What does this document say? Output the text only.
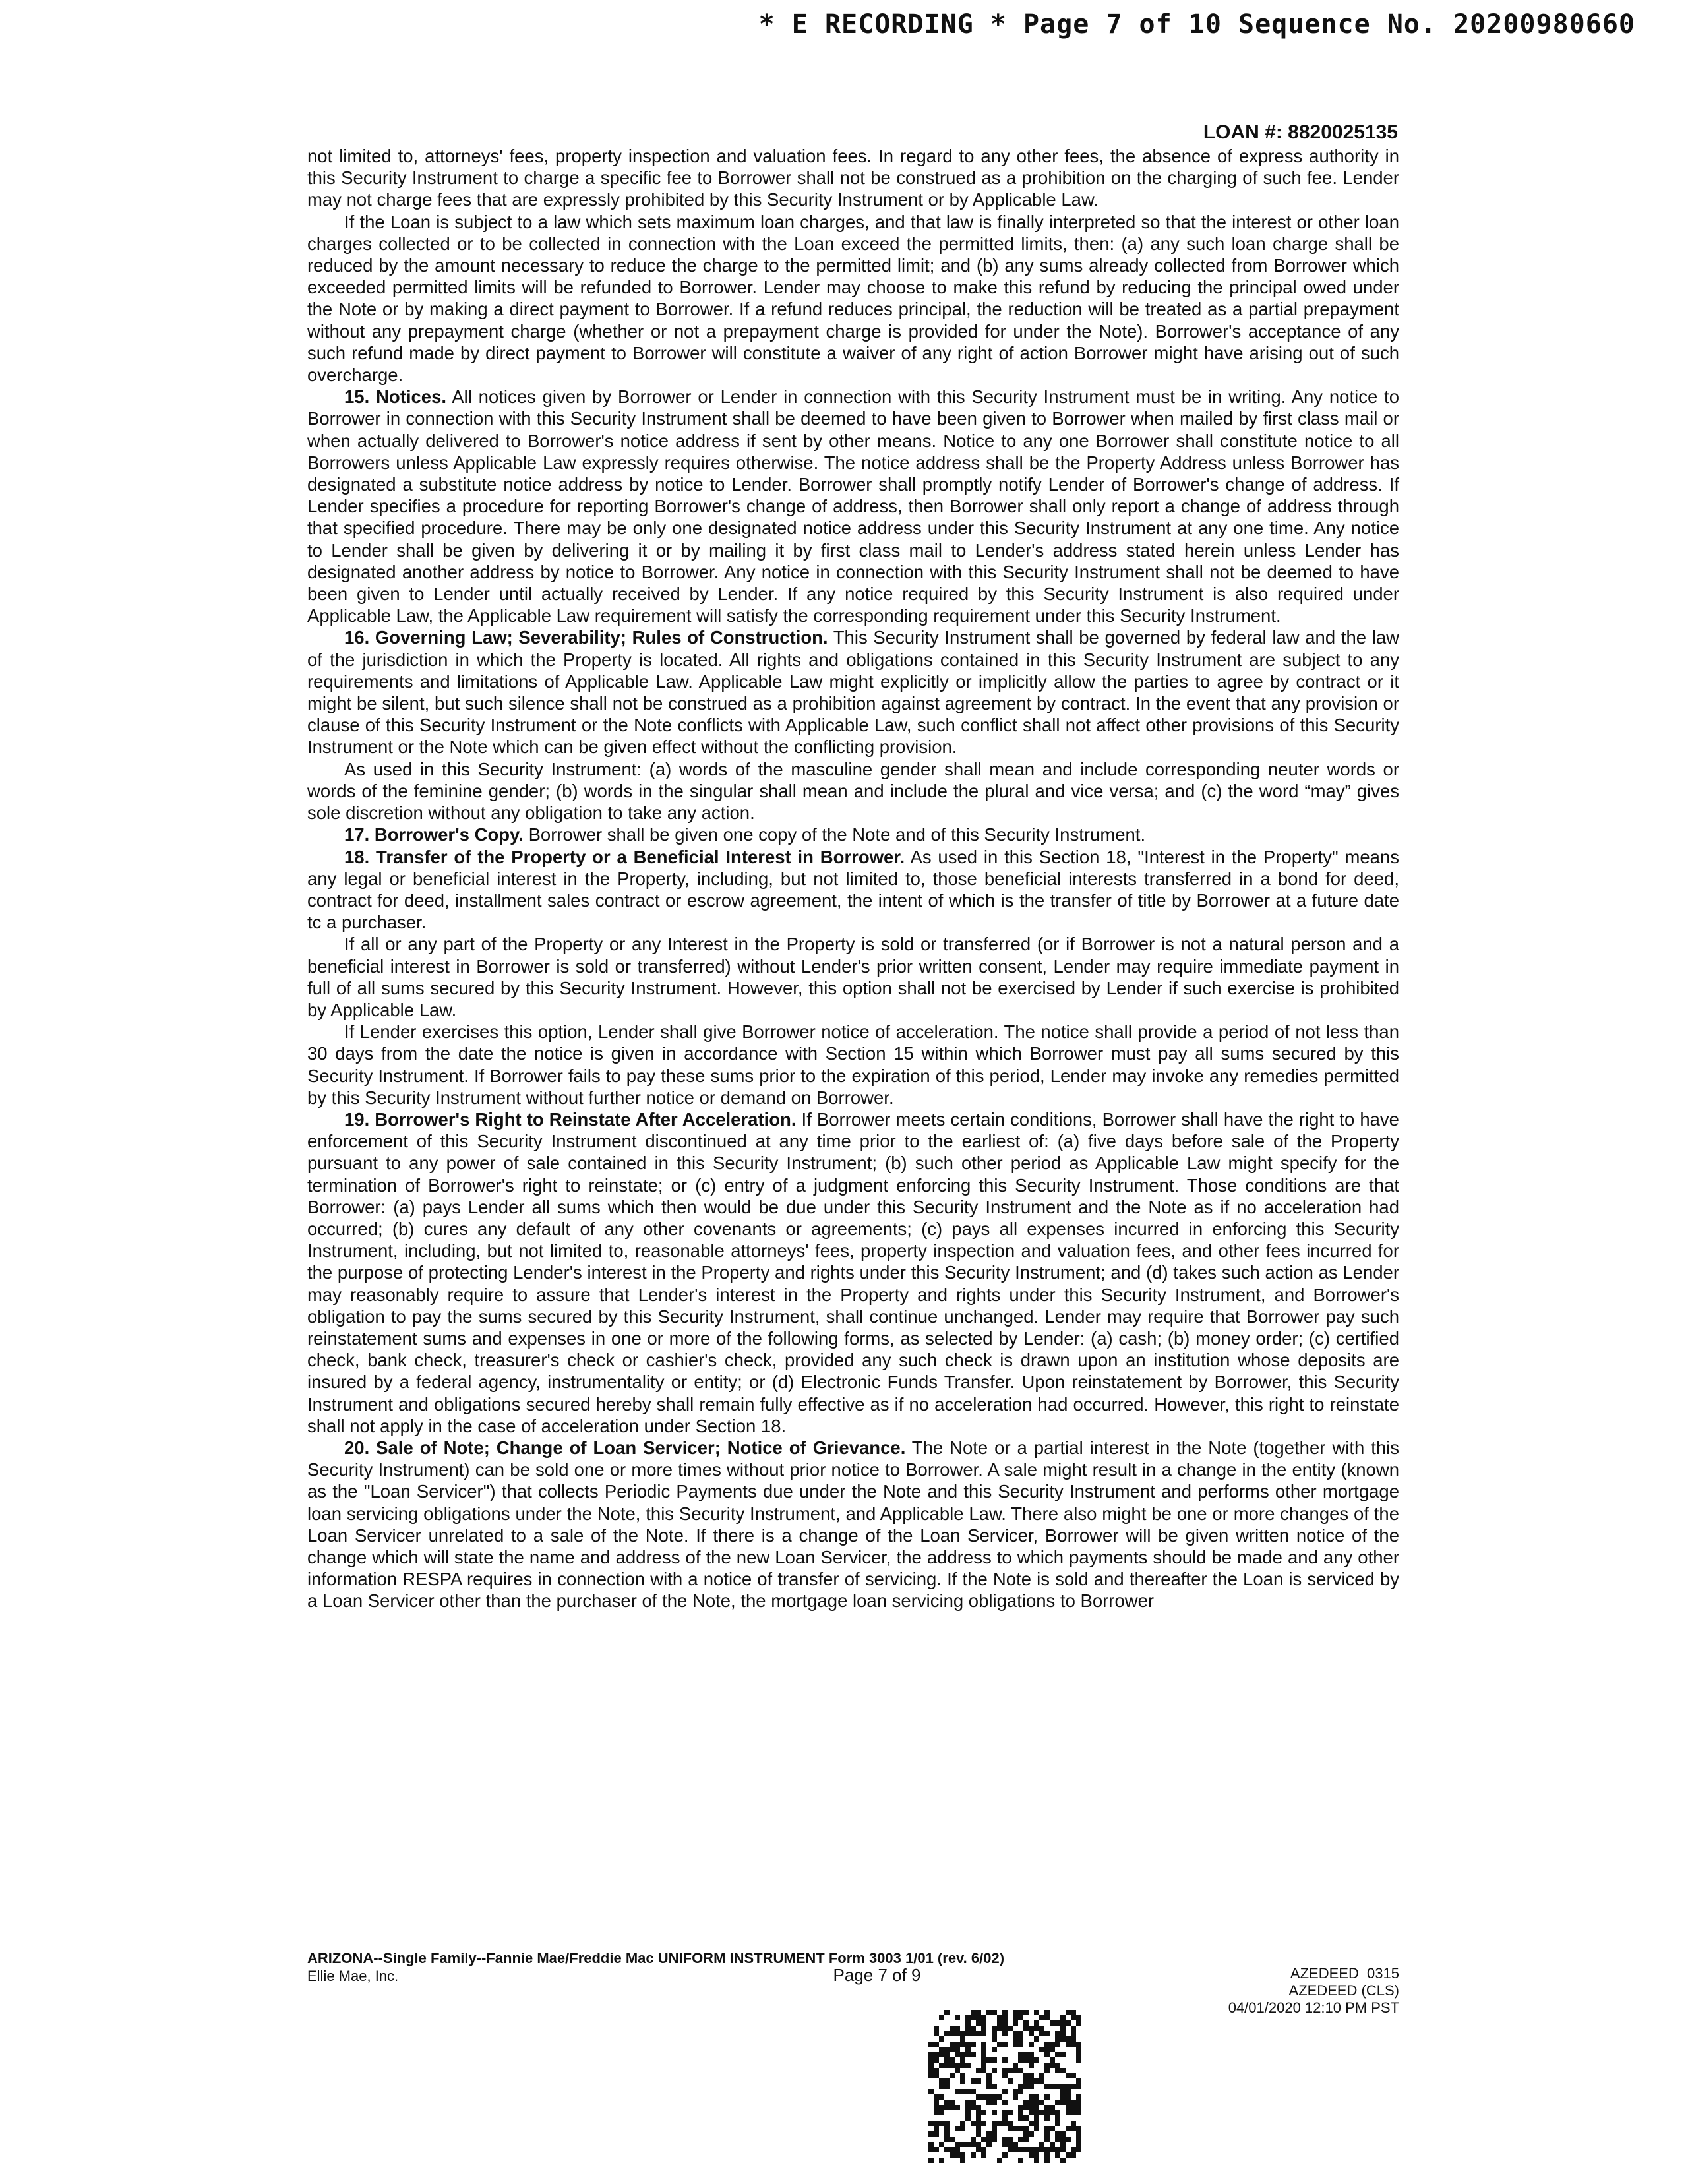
* E RECORDING * Page 7 of 10 Sequence No. 20200980660
LOAN #: 8820025135

not limited to, attorneys' fees, property inspection and valuation fees. In regard to any other fees, the absence of express authority in this Security Instrument to charge a specific fee to Borrower shall not be construed as a prohibition on the charging of such fee. Lender may not charge fees that are expressly prohibited by this Security Instrument or by Applicable Law.

If the Loan is subject to a law which sets maximum loan charges, and that law is finally interpreted so that the interest or other loan charges collected or to be collected in connection with the Loan exceed the permitted limits, then: (a) any such loan charge shall be reduced by the amount necessary to reduce the charge to the permitted limit; and (b) any sums already collected from Borrower which exceeded permitted limits will be refunded to Borrower. Lender may choose to make this refund by reducing the principal owed under the Note or by making a direct payment to Borrower. If a refund reduces principal, the reduction will be treated as a partial prepayment without any prepayment charge (whether or not a prepayment charge is provided for under the Note). Borrower's acceptance of any such refund made by direct payment to Borrower will constitute a waiver of any right of action Borrower might have arising out of such overcharge.

15. Notices. All notices given by Borrower or Lender in connection with this Security Instrument must be in writing. Any notice to Borrower in connection with this Security Instrument shall be deemed to have been given to Borrower when mailed by first class mail or when actually delivered to Borrower's notice address if sent by other means. Notice to any one Borrower shall constitute notice to all Borrowers unless Applicable Law expressly requires otherwise. The notice address shall be the Property Address unless Borrower has designated a substitute notice address by notice to Lender. Borrower shall promptly notify Lender of Borrower's change of address. If Lender specifies a procedure for reporting Borrower's change of address, then Borrower shall only report a change of address through that specified procedure. There may be only one designated notice address under this Security Instrument at any one time. Any notice to Lender shall be given by delivering it or by mailing it by first class mail to Lender's address stated herein unless Lender has designated another address by notice to Borrower. Any notice in connection with this Security Instrument shall not be deemed to have been given to Lender until actually received by Lender. If any notice required by this Security Instrument is also required under Applicable Law, the Applicable Law requirement will satisfy the corresponding requirement under this Security Instrument.

16. Governing Law; Severability; Rules of Construction. This Security Instrument shall be governed by federal law and the law of the jurisdiction in which the Property is located. All rights and obligations contained in this Security Instrument are subject to any requirements and limitations of Applicable Law. Applicable Law might explicitly or implicitly allow the parties to agree by contract or it might be silent, but such silence shall not be construed as a prohibition against agreement by contract. In the event that any provision or clause of this Security Instrument or the Note conflicts with Applicable Law, such conflict shall not affect other provisions of this Security Instrument or the Note which can be given effect without the conflicting provision.

As used in this Security Instrument: (a) words of the masculine gender shall mean and include corresponding neuter words or words of the feminine gender; (b) words in the singular shall mean and include the plural and vice versa; and (c) the word “may” gives sole discretion without any obligation to take any action.

17. Borrower's Copy. Borrower shall be given one copy of the Note and of this Security Instrument.

18. Transfer of the Property or a Beneficial Interest in Borrower. As used in this Section 18, "Interest in the Property" means any legal or beneficial interest in the Property, including, but not limited to, those beneficial interests transferred in a bond for deed, contract for deed, installment sales contract or escrow agreement, the intent of which is the transfer of title by Borrower at a future date tc a purchaser.

If all or any part of the Property or any Interest in the Property is sold or transferred (or if Borrower is not a natural person and a beneficial interest in Borrower is sold or transferred) without Lender's prior written consent, Lender may require immediate payment in full of all sums secured by this Security Instrument. However, this option shall not be exercised by Lender if such exercise is prohibited by Applicable Law.

If Lender exercises this option, Lender shall give Borrower notice of acceleration. The notice shall provide a period of not less than 30 days from the date the notice is given in accordance with Section 15 within which Borrower must pay all sums secured by this Security Instrument. If Borrower fails to pay these sums prior to the expiration of this period, Lender may invoke any remedies permitted by this Security Instrument without further notice or demand on Borrower.

19. Borrower's Right to Reinstate After Acceleration. If Borrower meets certain conditions, Borrower shall have the right to have enforcement of this Security Instrument discontinued at any time prior to the earliest of: (a) five days before sale of the Property pursuant to any power of sale contained in this Security Instrument; (b) such other period as Applicable Law might specify for the termination of Borrower's right to reinstate; or (c) entry of a judgment enforcing this Security Instrument. Those conditions are that Borrower: (a) pays Lender all sums which then would be due under this Security Instrument and the Note as if no acceleration had occurred; (b) cures any default of any other covenants or agreements; (c) pays all expenses incurred in enforcing this Security Instrument, including, but not limited to, reasonable attorneys' fees, property inspection and valuation fees, and other fees incurred for the purpose of protecting Lender's interest in the Property and rights under this Security Instrument; and (d) takes such action as Lender may reasonably require to assure that Lender's interest in the Property and rights under this Security Instrument, and Borrower's obligation to pay the sums secured by this Security Instrument, shall continue unchanged. Lender may require that Borrower pay such reinstatement sums and expenses in one or more of the following forms, as selected by Lender: (a) cash; (b) money order; (c) certified check, bank check, treasurer's check or cashier's check, provided any such check is drawn upon an institution whose deposits are insured by a federal agency, instrumentality or entity; or (d) Electronic Funds Transfer. Upon reinstatement by Borrower, this Security Instrument and obligations secured hereby shall remain fully effective as if no acceleration had occurred. However, this right to reinstate shall not apply in the case of acceleration under Section 18.

20. Sale of Note; Change of Loan Servicer; Notice of Grievance. The Note or a partial interest in the Note (together with this Security Instrument) can be sold one or more times without prior notice to Borrower. A sale might result in a change in the entity (known as the "Loan Servicer") that collects Periodic Payments due under the Note and this Security Instrument and performs other mortgage loan servicing obligations under the Note, this Security Instrument, and Applicable Law. There also might be one or more changes of the Loan Servicer unrelated to a sale of the Note. If there is a change of the Loan Servicer, Borrower will be given written notice of the change which will state the name and address of the new Loan Servicer, the address to which payments should be made and any other information RESPA requires in connection with a notice of transfer of servicing. If the Note is sold and thereafter the Loan is serviced by a Loan Servicer other than the purchaser of the Note, the mortgage loan servicing obligations to Borrower

ARIZONA--Single Family--Fannie Mae/Freddie Mac UNIFORM INSTRUMENT Form 3003 1/01 (rev. 6/02)
Ellie Mae, Inc.	Page 7 of 9	AZEDEED  0315
AZEDEED (CLS)
04/01/2020 12:10 PM PST
